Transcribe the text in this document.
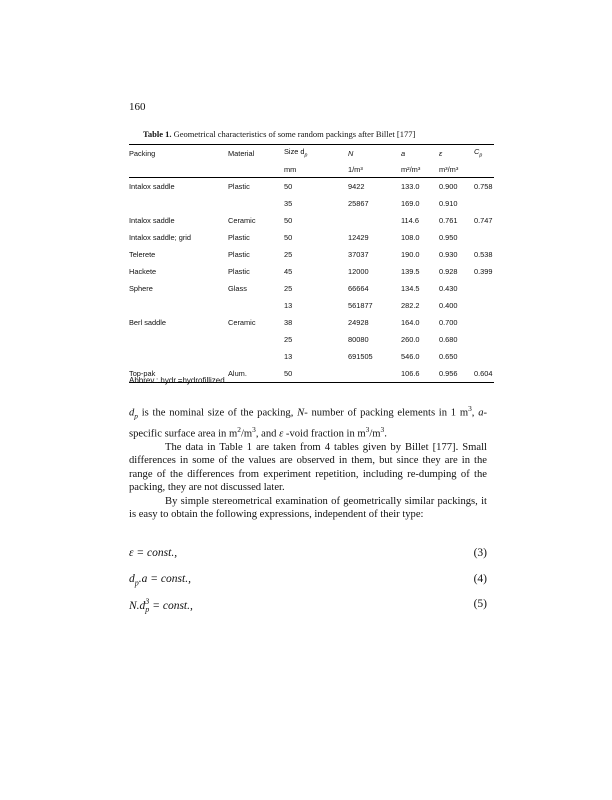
160
Table 1. Geometrical characteristics of some random packings after Billet [177]
Packing	Material	Size $d_p$	N	a	ε	$C_p$
		mm	1/m³	m²/m³	m³/m³	
Intalox saddle	Plastic	50	9422	133.0	0.900	0.758
		35	25867	169.0	0.910	
Intalox saddle	Ceramic	50		114.6	0.761	0.747
Intalox saddle; grid	Plastic	50	12429	108.0	0.950	
Telerete	Plastic	25	37037	190.0	0.930	0.538
Hackete	Plastic	45	12000	139.5	0.928	0.399
Sphere	Glass	25	66664	134.5	0.430	
		13	561877	282.2	0.400	
Berl saddle	Ceramic	38	24928	164.0	0.700	
		25	80080	260.0	0.680	
		13	691505	546.0	0.650	
Top-pak	Alum.	50		106.6	0.956	0.604
Abbrev.: hydr.=hydrofillized

$d_p$ is the nominal size of the packing, N- number of packing elements in 1 $m^3$, a-specific surface area in $m^2/m^3$, and ε -void fraction in $m^3/m^3$.

The data in Table 1 are taken from 4 tables given by Billet [177]. Small differences in some of the values are observed in them, but since they are in the range of the differences from experiment repetition, including re-dumping of the packing, they are not discussed later.

By simple stereometrical examination of geometrically similar packings, it is easy to obtain the following expressions, independent of their type:

ε = const.,	(3)
$d_p.a$ = const.,	(4)
N.d 3
p = const.,	(5)
